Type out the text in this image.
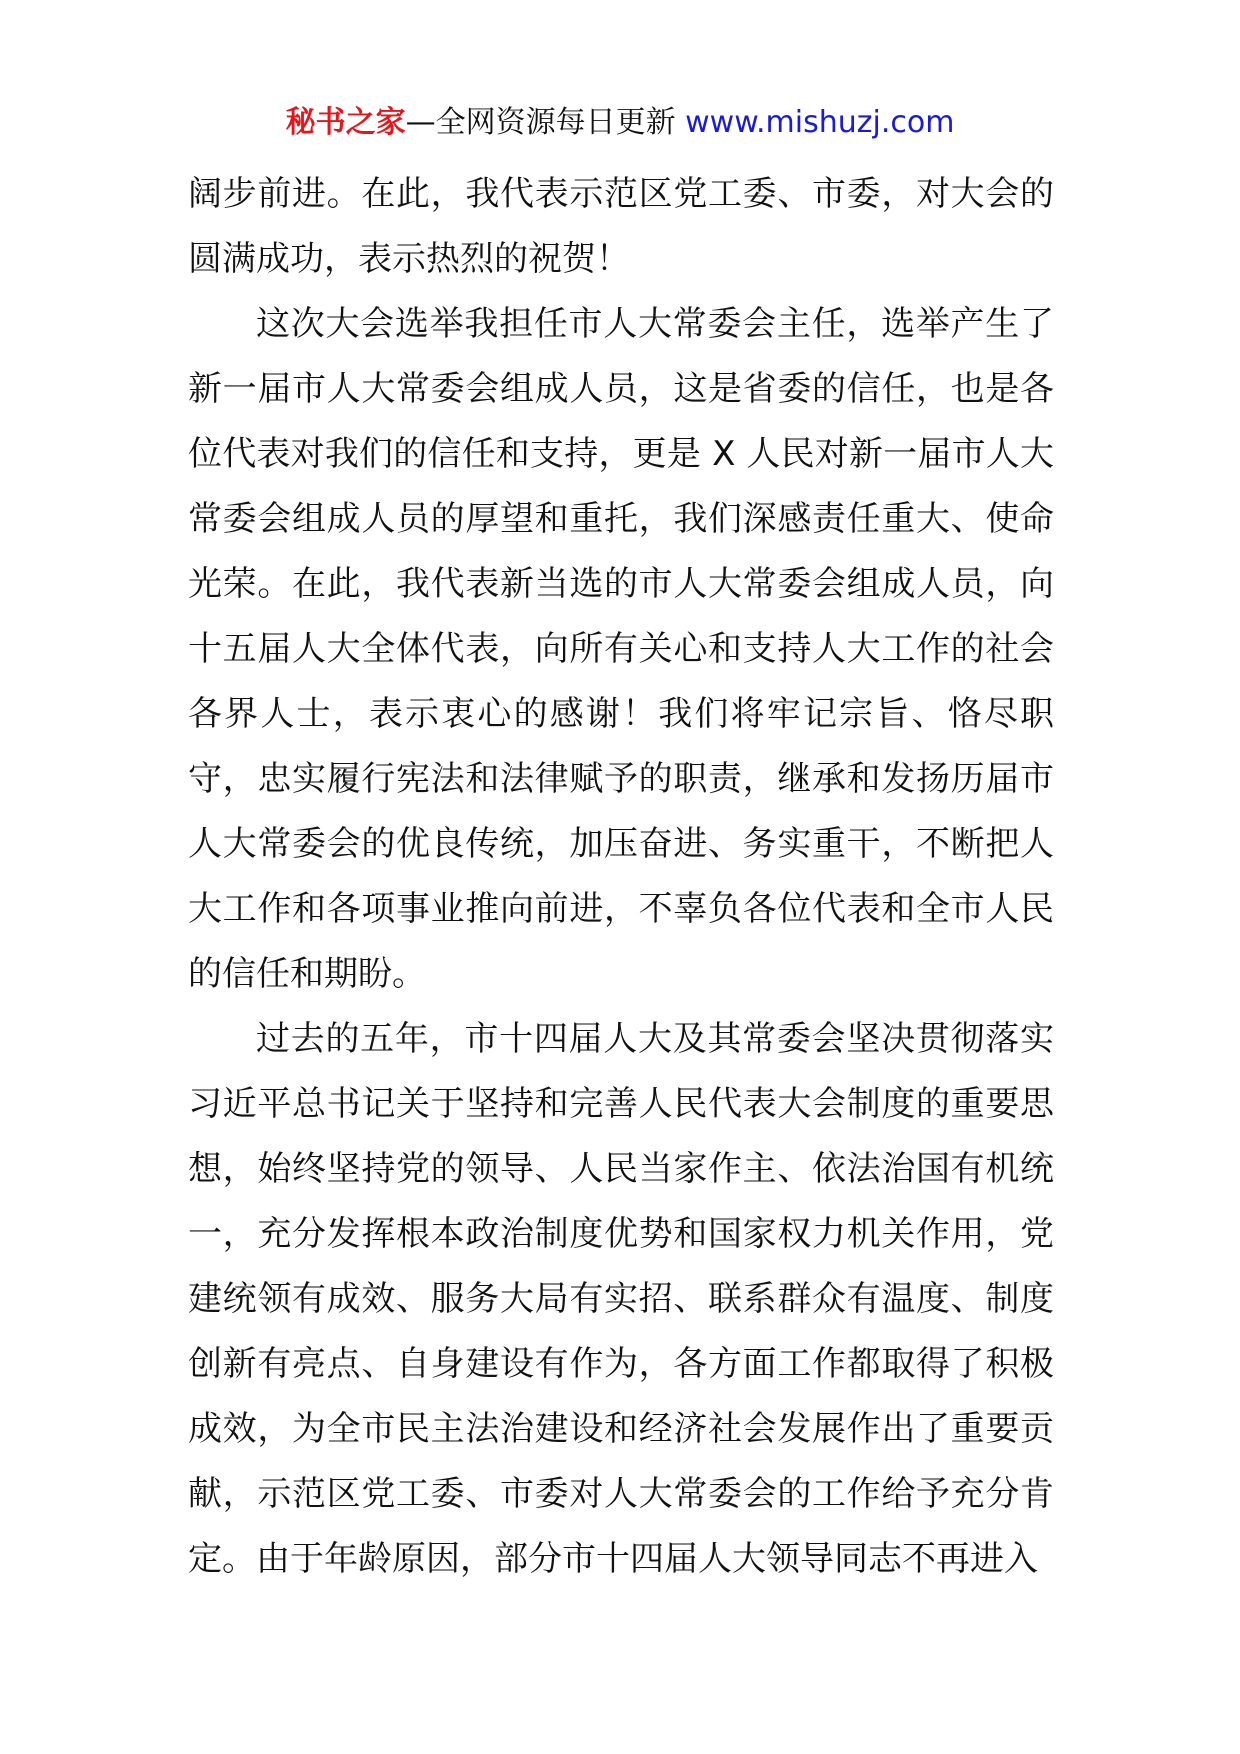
秘书之家—全网资源每日更新 www.mishuzj.com

阔步前进。在此，我代表示范区党工委、市委，对大会的圆满成功，表示热烈的祝贺！

这次大会选举我担任市人大常委会主任，选举产生了新一届市人大常委会组成人员，这是省委的信任，也是各位代表对我们的信任和支持，更是 X 人民对新一届市人大常委会组成人员的厚望和重托，我们深感责任重大、使命光荣。在此，我代表新当选的市人大常委会组成人员，向十五届人大全体代表，向所有关心和支持人大工作的社会各界人士，表示衷心的感谢！我们将牢记宗旨、恪尽职守，忠实履行宪法和法律赋予的职责，继承和发扬历届市人大常委会的优良传统，加压奋进、务实重干，不断把人大工作和各项事业推向前进，不辜负各位代表和全市人民的信任和期盼。

过去的五年，市十四届人大及其常委会坚决贯彻落实习近平总书记关于坚持和完善人民代表大会制度的重要思想，始终坚持党的领导、人民当家作主、依法治国有机统一，充分发挥根本政治制度优势和国家权力机关作用，党建统领有成效、服务大局有实招、联系群众有温度、制度创新有亮点、自身建设有作为，各方面工作都取得了积极成效，为全市民主法治建设和经济社会发展作出了重要贡献，示范区党工委、市委对人大常委会的工作给予充分肯定。由于年龄原因，部分市十四届人大领导同志不再进入
